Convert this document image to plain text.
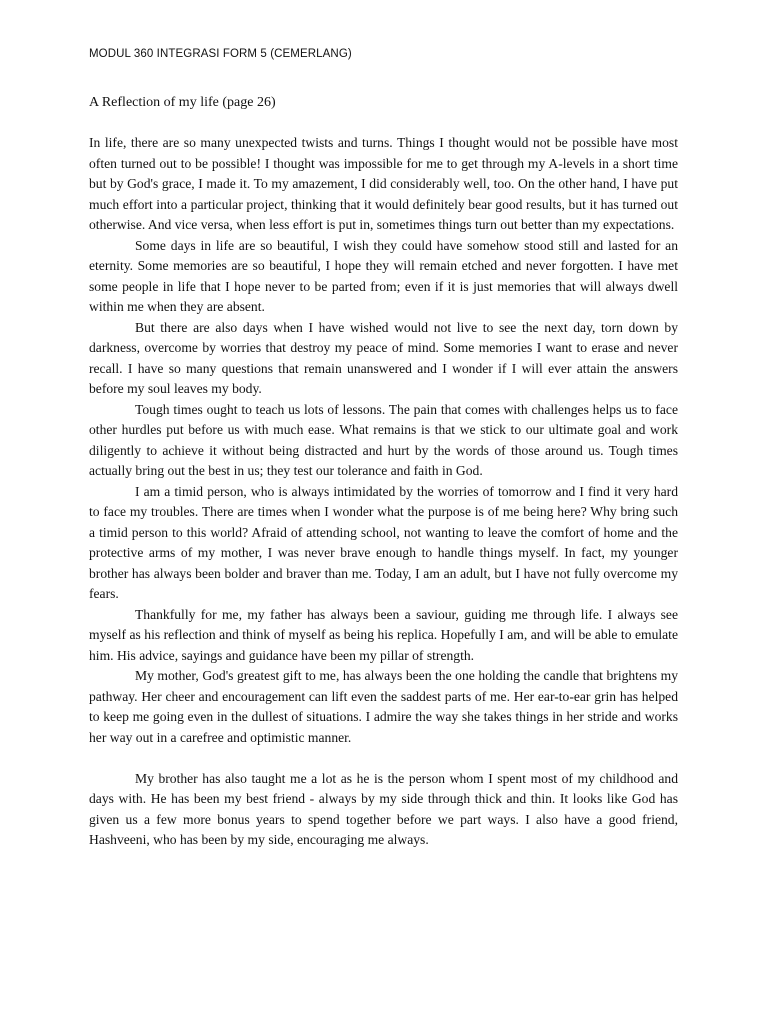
MODUL 360 INTEGRASI FORM 5 (CEMERLANG)
A Reflection of my life (page 26)

In life, there are so many unexpected twists and turns. Things I thought would not be possible have most often turned out to be possible! I thought was impossible for me to get through my A-levels in a short time but by God's grace, I made it. To my amazement, I did considerably well, too. On the other hand, I have put much effort into a particular project, thinking that it would definitely bear good results, but it has turned out otherwise. And vice versa, when less effort is put in, sometimes things turn out better than my expectations.

Some days in life are so beautiful, I wish they could have somehow stood still and lasted for an eternity. Some memories are so beautiful, I hope they will remain etched and never forgotten. I have met some people in life that I hope never to be parted from; even if it is just memories that will always dwell within me when they are absent.

But there are also days when I have wished would not live to see the next day, torn down by darkness, overcome by worries that destroy my peace of mind. Some memories I want to erase and never recall. I have so many questions that remain unanswered and I wonder if I will ever attain the answers before my soul leaves my body.

Tough times ought to teach us lots of lessons. The pain that comes with challenges helps us to face other hurdles put before us with much ease. What remains is that we stick to our ultimate goal and work diligently to achieve it without being distracted and hurt by the words of those around us. Tough times actually bring out the best in us; they test our tolerance and faith in God.

I am a timid person, who is always intimidated by the worries of tomorrow and I find it very hard to face my troubles. There are times when I wonder what the purpose is of me being here? Why bring such a timid person to this world? Afraid of attending school, not wanting to leave the comfort of home and the protective arms of my mother, I was never brave enough to handle things myself. In fact, my younger brother has always been bolder and braver than me. Today, I am an adult, but I have not fully overcome my fears.

Thankfully for me, my father has always been a saviour, guiding me through life. I always see myself as his reflection and think of myself as being his replica. Hopefully I am, and will be able to emulate him. His advice, sayings and guidance have been my pillar of strength.

My mother, God's greatest gift to me, has always been the one holding the candle that brightens my pathway. Her cheer and encouragement can lift even the saddest parts of me. Her ear-to-ear grin has helped to keep me going even in the dullest of situations. I admire the way she takes things in her stride and works her way out in a carefree and optimistic manner.

My brother has also taught me a lot as he is the person whom I spent most of my childhood and days with. He has been my best friend - always by my side through thick and thin. It looks like God has given us a few more bonus years to spend together before we part ways. I also have a good friend, Hashveeni, who has been by my side, encouraging me always.
